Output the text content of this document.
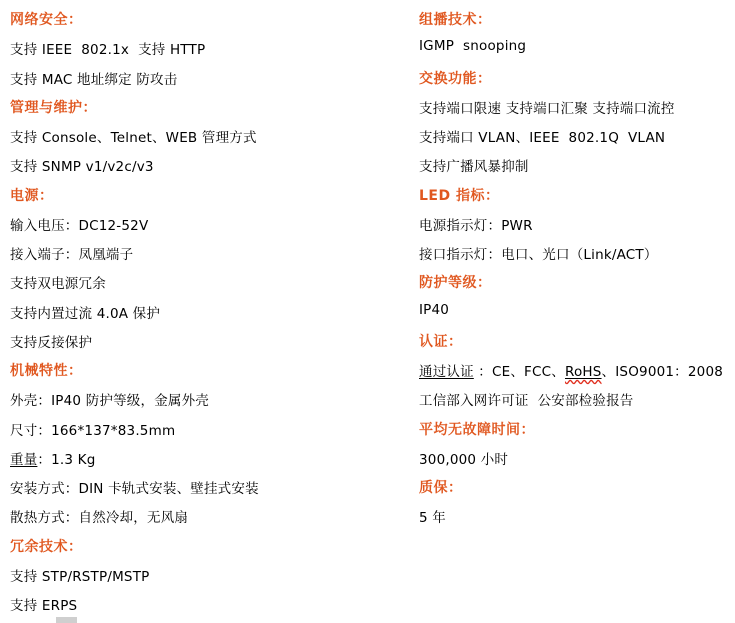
网络安全：
支持 IEEE  802.1x  支持 HTTP
支持 MAC 地址绑定 防攻击
管理与维护：
支持 Console、Telnet、WEB 管理方式
支持 SNMP v1/v2c/v3
电源：
输入电压：DC12-52V
接入端子：凤凰端子
支持双电源冗余
支持内置过流 4.0A 保护
支持反接保护
机械特性：
外壳：IP40 防护等级，金属外壳
尺寸：166*137*83.5mm
重量：1.3 Kg
安装方式：DIN 卡轨式安装、壁挂式安装
散热方式：自然冷却，无风扇
冗余技术：
支持 STP/RSTP/MSTP
支持 ERPS
组播技术：
IGMP  snooping
交换功能：
支持端口限速 支持端口汇聚 支持端口流控
支持端口 VLAN、IEEE  802.1Q  VLAN
支持广播风暴抑制
LED 指标：
电源指示灯：PWR
接口指示灯：电口、光口（Link/ACT）
防护等级：
IP40
认证：
通过认证 ：CE、FCC、RoHS、ISO9001：2008
工信部入网许可证  公安部检验报告
平均无故障时间：
300,000 小时
质保：
5 年
